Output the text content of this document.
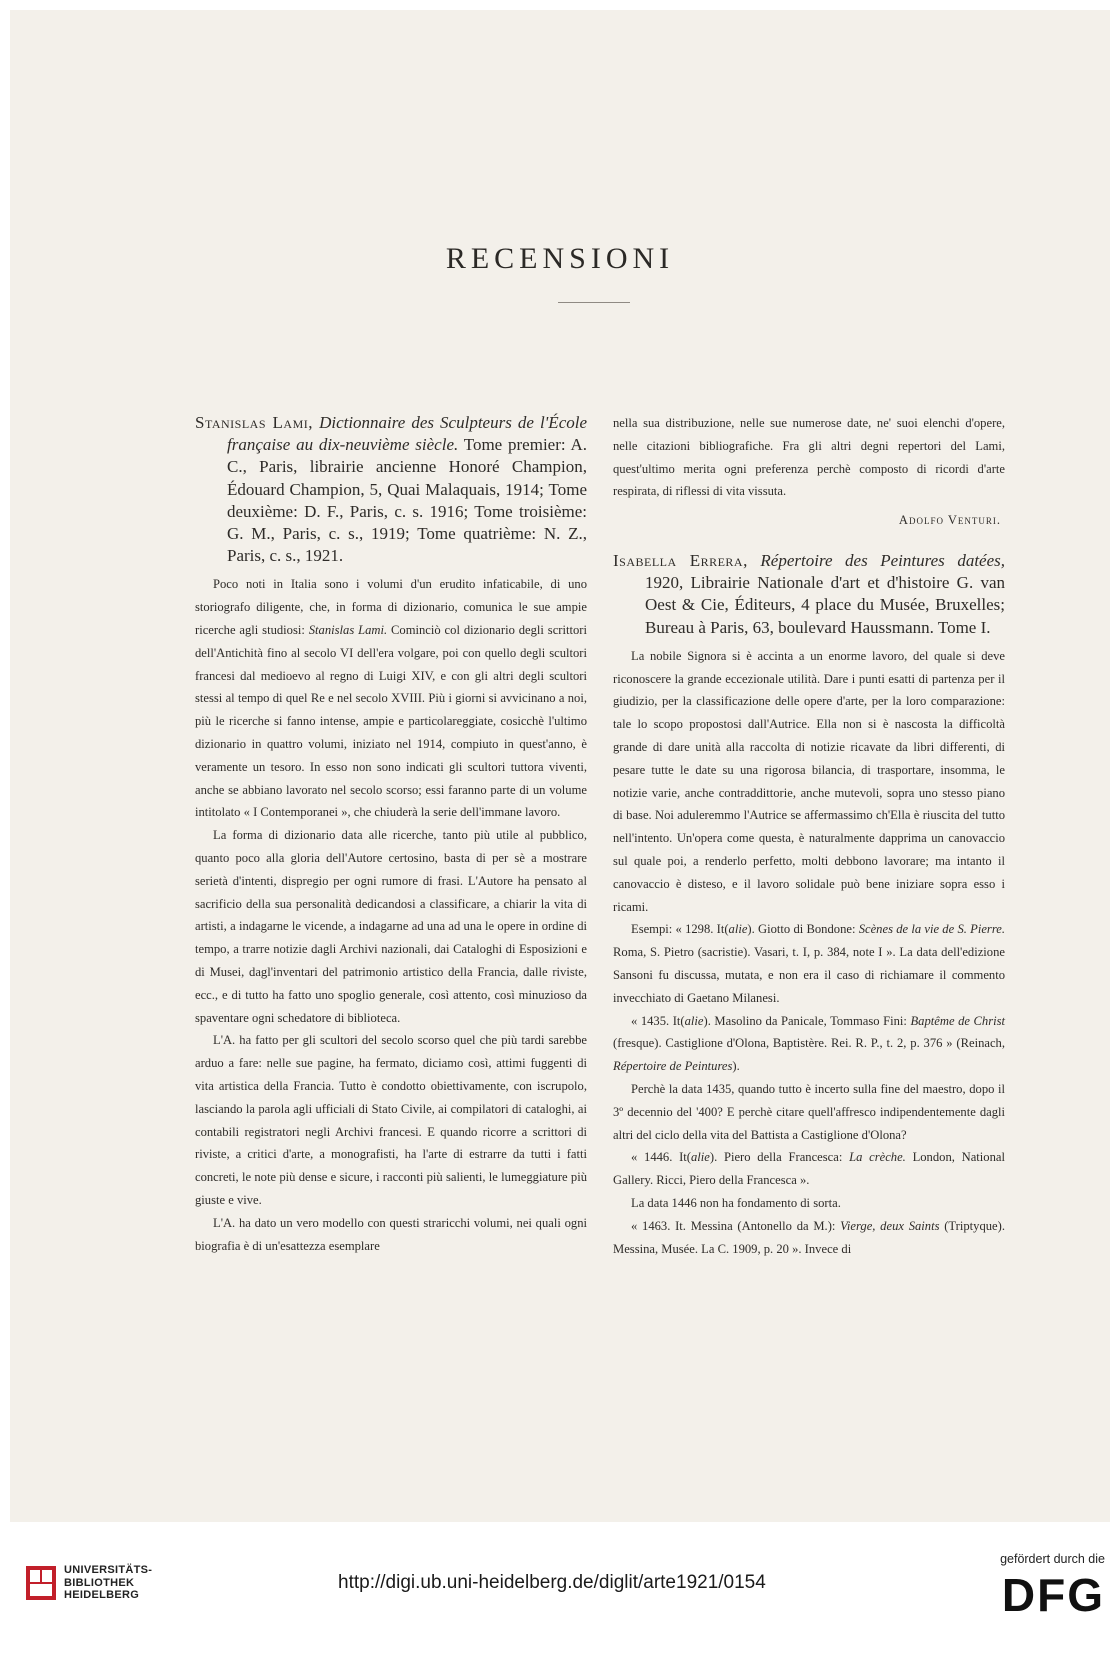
RECENSIONI

Stanislas Lami, Dictionnaire des Sculpteurs de l'École française au dix-neuvième siècle. Tome premier: A. C., Paris, librairie ancienne Honoré Champion, Édouard Champion, 5, Quai Malaquais, 1914; Tome deuxième: D. F., Paris, c. s. 1916; Tome troisième: G. M., Paris, c. s., 1919; Tome quatrième: N. Z., Paris, c. s., 1921.

Poco noti in Italia sono i volumi d'un erudito infaticabile, di uno storiografo diligente, che, in forma di dizionario, comunica le sue ampie ricerche agli studiosi: Stanislas Lami. Cominciò col dizionario degli scrittori dell'Antichità fino al secolo VI dell'era volgare, poi con quello degli scultori francesi dal medioevo al regno di Luigi XIV, e con gli altri degli scultori stessi al tempo di quel Re e nel secolo XVIII. Più i giorni si avvicinano a noi, più le ricerche si fanno intense, ampie e particolareggiate, cosicchè l'ultimo dizionario in quattro volumi, iniziato nel 1914, compiuto in quest'anno, è veramente un tesoro. In esso non sono indicati gli scultori tuttora viventi, anche se abbiano lavorato nel secolo scorso; essi faranno parte di un volume intitolato « I Contemporanei », che chiuderà la serie dell'immane lavoro.

La forma di dizionario data alle ricerche, tanto più utile al pubblico, quanto poco alla gloria dell'Autore certosino, basta di per sè a mostrare serietà d'intenti, dispregio per ogni rumore di frasi. L'Autore ha pensato al sacrificio della sua personalità dedicandosi a classificare, a chiarir la vita di artisti, a indagarne le vicende, a indagarne ad una ad una le opere in ordine di tempo, a trarre notizie dagli Archivi nazionali, dai Cataloghi di Esposizioni e di Musei, dagl'inventari del patrimonio artistico della Francia, dalle riviste, ecc., e di tutto ha fatto uno spoglio generale, così attento, così minuzioso da spaventare ogni schedatore di biblioteca.

L'A. ha fatto per gli scultori del secolo scorso quel che più tardi sarebbe arduo a fare: nelle sue pagine, ha fermato, diciamo così, attimi fuggenti di vita artistica della Francia. Tutto è condotto obiettivamente, con iscrupolo, lasciando la parola agli ufficiali di Stato Civile, ai compilatori di cataloghi, ai contabili registratori negli Archivi francesi. E quando ricorre a scrittori di riviste, a critici d'arte, a monografisti, ha l'arte di estrarre da tutti i fatti concreti, le note più dense e sicure, i racconti più salienti, le lumeggiature più giuste e vive.

L'A. ha dato un vero modello con questi straricchi volumi, nei quali ogni biografia è di un'esattezza esemplare

nella sua distribuzione, nelle sue numerose date, ne' suoi elenchi d'opere, nelle citazioni bibliografiche. Fra gli altri degni repertori del Lami, quest'ultimo merita ogni preferenza perchè composto di ricordi d'arte respirata, di riflessi di vita vissuta.

Adolfo Venturi.

Isabella Errera, Répertoire des Peintures datées, 1920, Librairie Nationale d'art et d'histoire G. van Oest & Cie, Éditeurs, 4 place du Musée, Bruxelles; Bureau à Paris, 63, boulevard Haussmann. Tome I.

La nobile Signora si è accinta a un enorme lavoro, del quale si deve riconoscere la grande eccezionale utilità. Dare i punti esatti di partenza per il giudizio, per la classificazione delle opere d'arte, per la loro comparazione: tale lo scopo propostosi dall'Autrice. Ella non si è nascosta la difficoltà grande di dare unità alla raccolta di notizie ricavate da libri differenti, di pesare tutte le date su una rigorosa bilancia, di trasportare, insomma, le notizie varie, anche contraddittorie, anche mutevoli, sopra uno stesso piano di base. Noi aduleremmo l'Autrice se affermassimo ch'Ella è riuscita del tutto nell'intento. Un'opera come questa, è naturalmente dapprima un canovaccio sul quale poi, a renderlo perfetto, molti debbono lavorare; ma intanto il canovaccio è disteso, e il lavoro solidale può bene iniziare sopra esso i ricami.

Esempi: « 1298. It(alie). Giotto di Bondone: Scènes de la vie de S. Pierre. Roma, S. Pietro (sacristie). Vasari, t. I, p. 384, note I ». La data dell'edizione Sansoni fu discussa, mutata, e non era il caso di richiamare il commento invecchiato di Gaetano Milanesi.

« 1435. It(alie). Masolino da Panicale, Tommaso Fini: Baptême de Christ (fresque). Castiglione d'Olona, Baptistère. Rei. R. P., t. 2, p. 376 » (Reinach, Répertoire de Peintures).

Perchè la data 1435, quando tutto è incerto sulla fine del maestro, dopo il 3º decennio del '400? E perchè citare quell'affresco indipendentemente dagli altri del ciclo della vita del Battista a Castiglione d'Olona?

« 1446. It(alie). Piero della Francesca: La crèche. London, National Gallery. Ricci, Piero della Francesca ».

La data 1446 non ha fondamento di sorta.

« 1463. It. Messina (Antonello da M.): Vierge, deux Saints (Triptyque). Messina, Musée. La C. 1909, p. 20 ». Invece di

UNIVERSITÄTS-
BIBLIOTHEK
HEIDELBERG
http://digi.ub.uni-heidelberg.de/diglit/arte1921/0154
gefördert durch die
DFG
